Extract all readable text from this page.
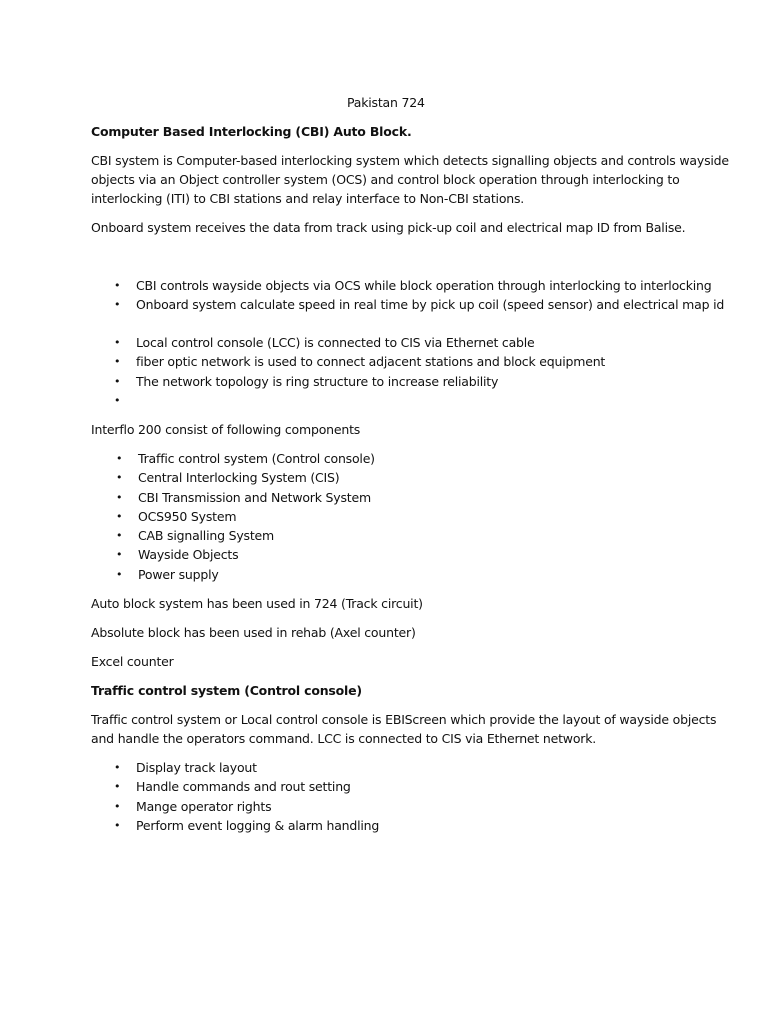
Pakistan 724
Computer Based Interlocking (CBI) Auto Block.
CBI system is Computer-based interlocking system which detects signalling objects and controls wayside
objects via an Object controller system (OCS) and control block operation through interlocking to
interlocking (ITI) to CBI stations and relay interface to Non-CBI stations.
Onboard system receives the data from track using pick-up coil and electrical map ID from Balise.
• CBI controls wayside objects via OCS while block operation through interlocking to interlocking
• Onboard system calculate speed in real time by pick up coil (speed sensor) and electrical map id
• Local control console (LCC) is connected to CIS via Ethernet cable
• fiber optic network is used to connect adjacent stations and block equipment
• The network topology is ring structure to increase reliability
•
Interflo 200 consist of following components
• Traffic control system (Control console)
• Central Interlocking System (CIS)
• CBI Transmission and Network System
• OCS950 System
• CAB signalling System
• Wayside Objects
• Power supply
Auto block system has been used in 724 (Track circuit)
Absolute block has been used in rehab (Axel counter)
Excel counter
Traffic control system (Control console)
Traffic control system or Local control console is EBIScreen which provide the layout of wayside objects
and handle the operators command. LCC is connected to CIS via Ethernet network.
• Display track layout
• Handle commands and rout setting
• Mange operator rights
• Perform event logging & alarm handling
